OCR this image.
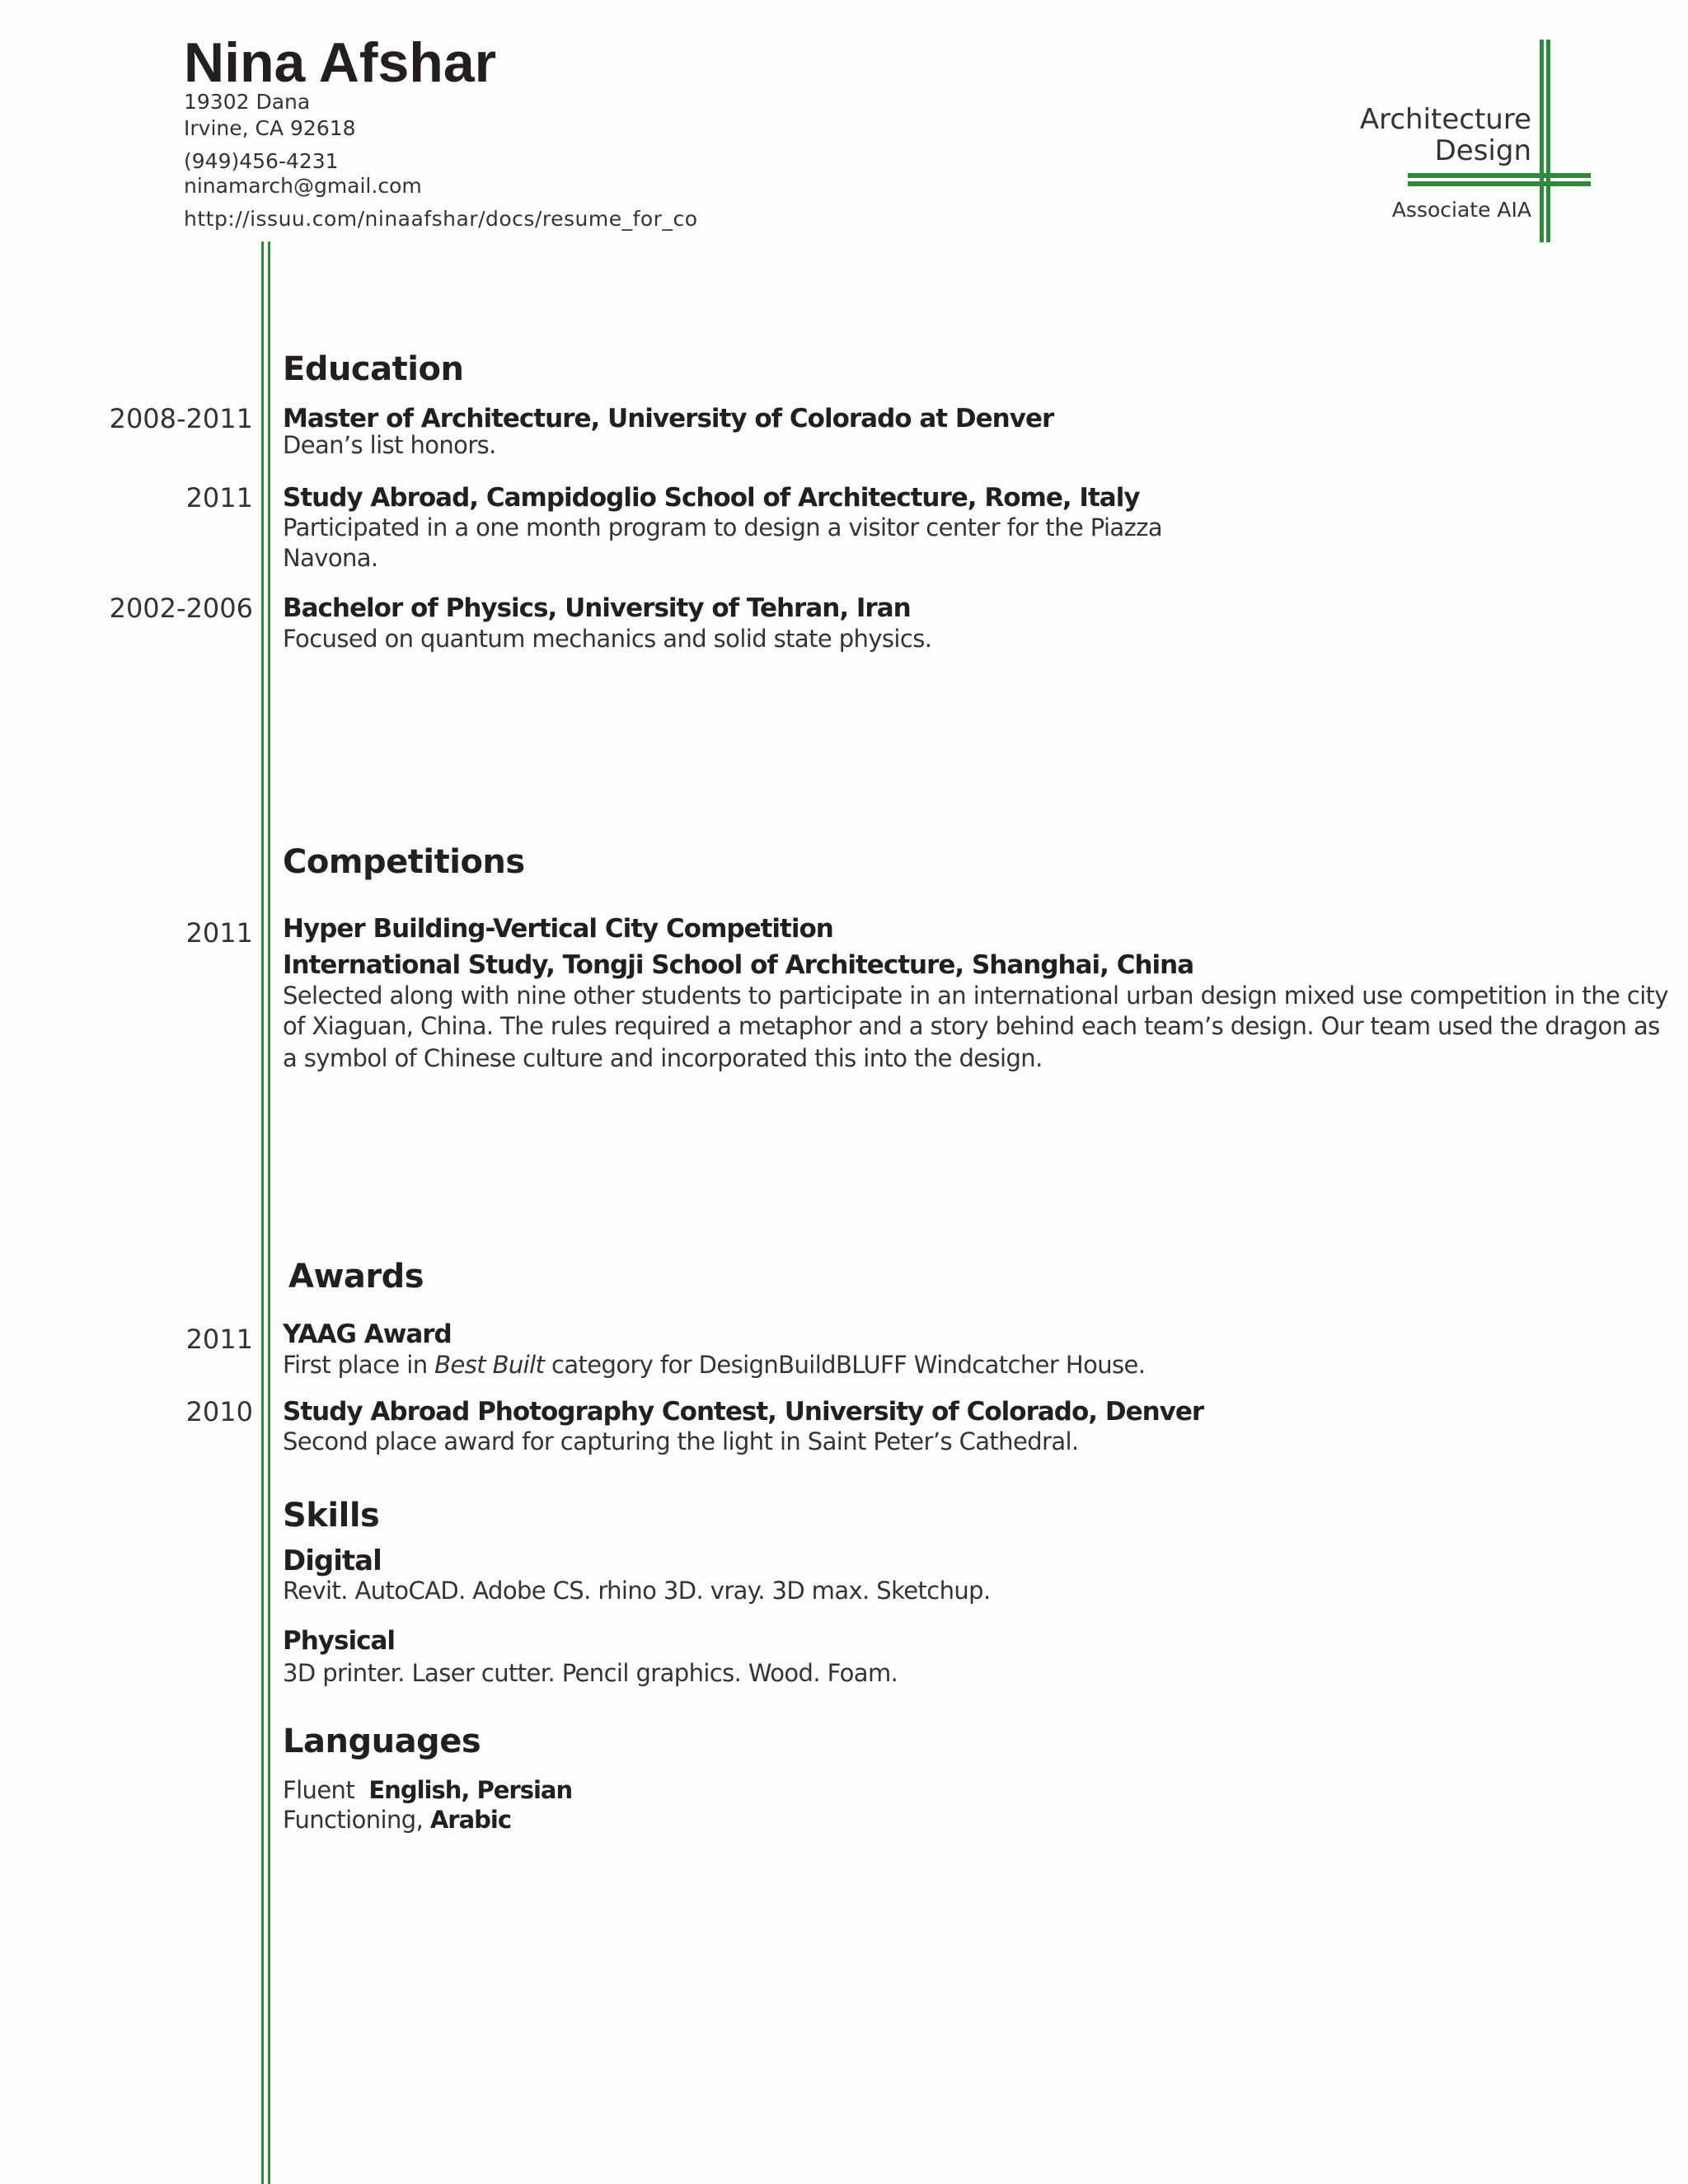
Nina Afshar
19302 Dana
Irvine, CA 92618
(949)456-4231
ninamarch@gmail.com
http://issuu.com/ninaafshar/docs/resume_for_co
Architecture
Design
Associate AIA
Education
2008-2011 Master of Architecture, University of Colorado at Denver
Dean’s list honors.
2011 Study Abroad, Campidoglio School of Architecture, Rome, Italy
Participated in a one month program to design a visitor center for the Piazza
Navona.
2002-2006 Bachelor of Physics, University of Tehran, Iran
Focused on quantum mechanics and solid state physics.
Competitions
2011 Hyper Building-Vertical City Competition
International Study, Tongji School of Architecture, Shanghai, China
Selected along with nine other students to participate in an international urban design mixed use competition in the city
of Xiaguan, China. The rules required a metaphor and a story behind each team’s design. Our team used the dragon as
a symbol of Chinese culture and incorporated this into the design.
Awards
2011 YAAG Award
First place in Best Built category for DesignBuildBLUFF Windcatcher House.
2010 Study Abroad Photography Contest, University of Colorado, Denver
Second place award for capturing the light in Saint Peter’s Cathedral.
Skills
Digital
Revit. AutoCAD. Adobe CS. rhino 3D. vray. 3D max. Sketchup.
Physical
3D printer. Laser cutter. Pencil graphics. Wood. Foam.
Languages
Fluent English, Persian
Functioning, Arabic
